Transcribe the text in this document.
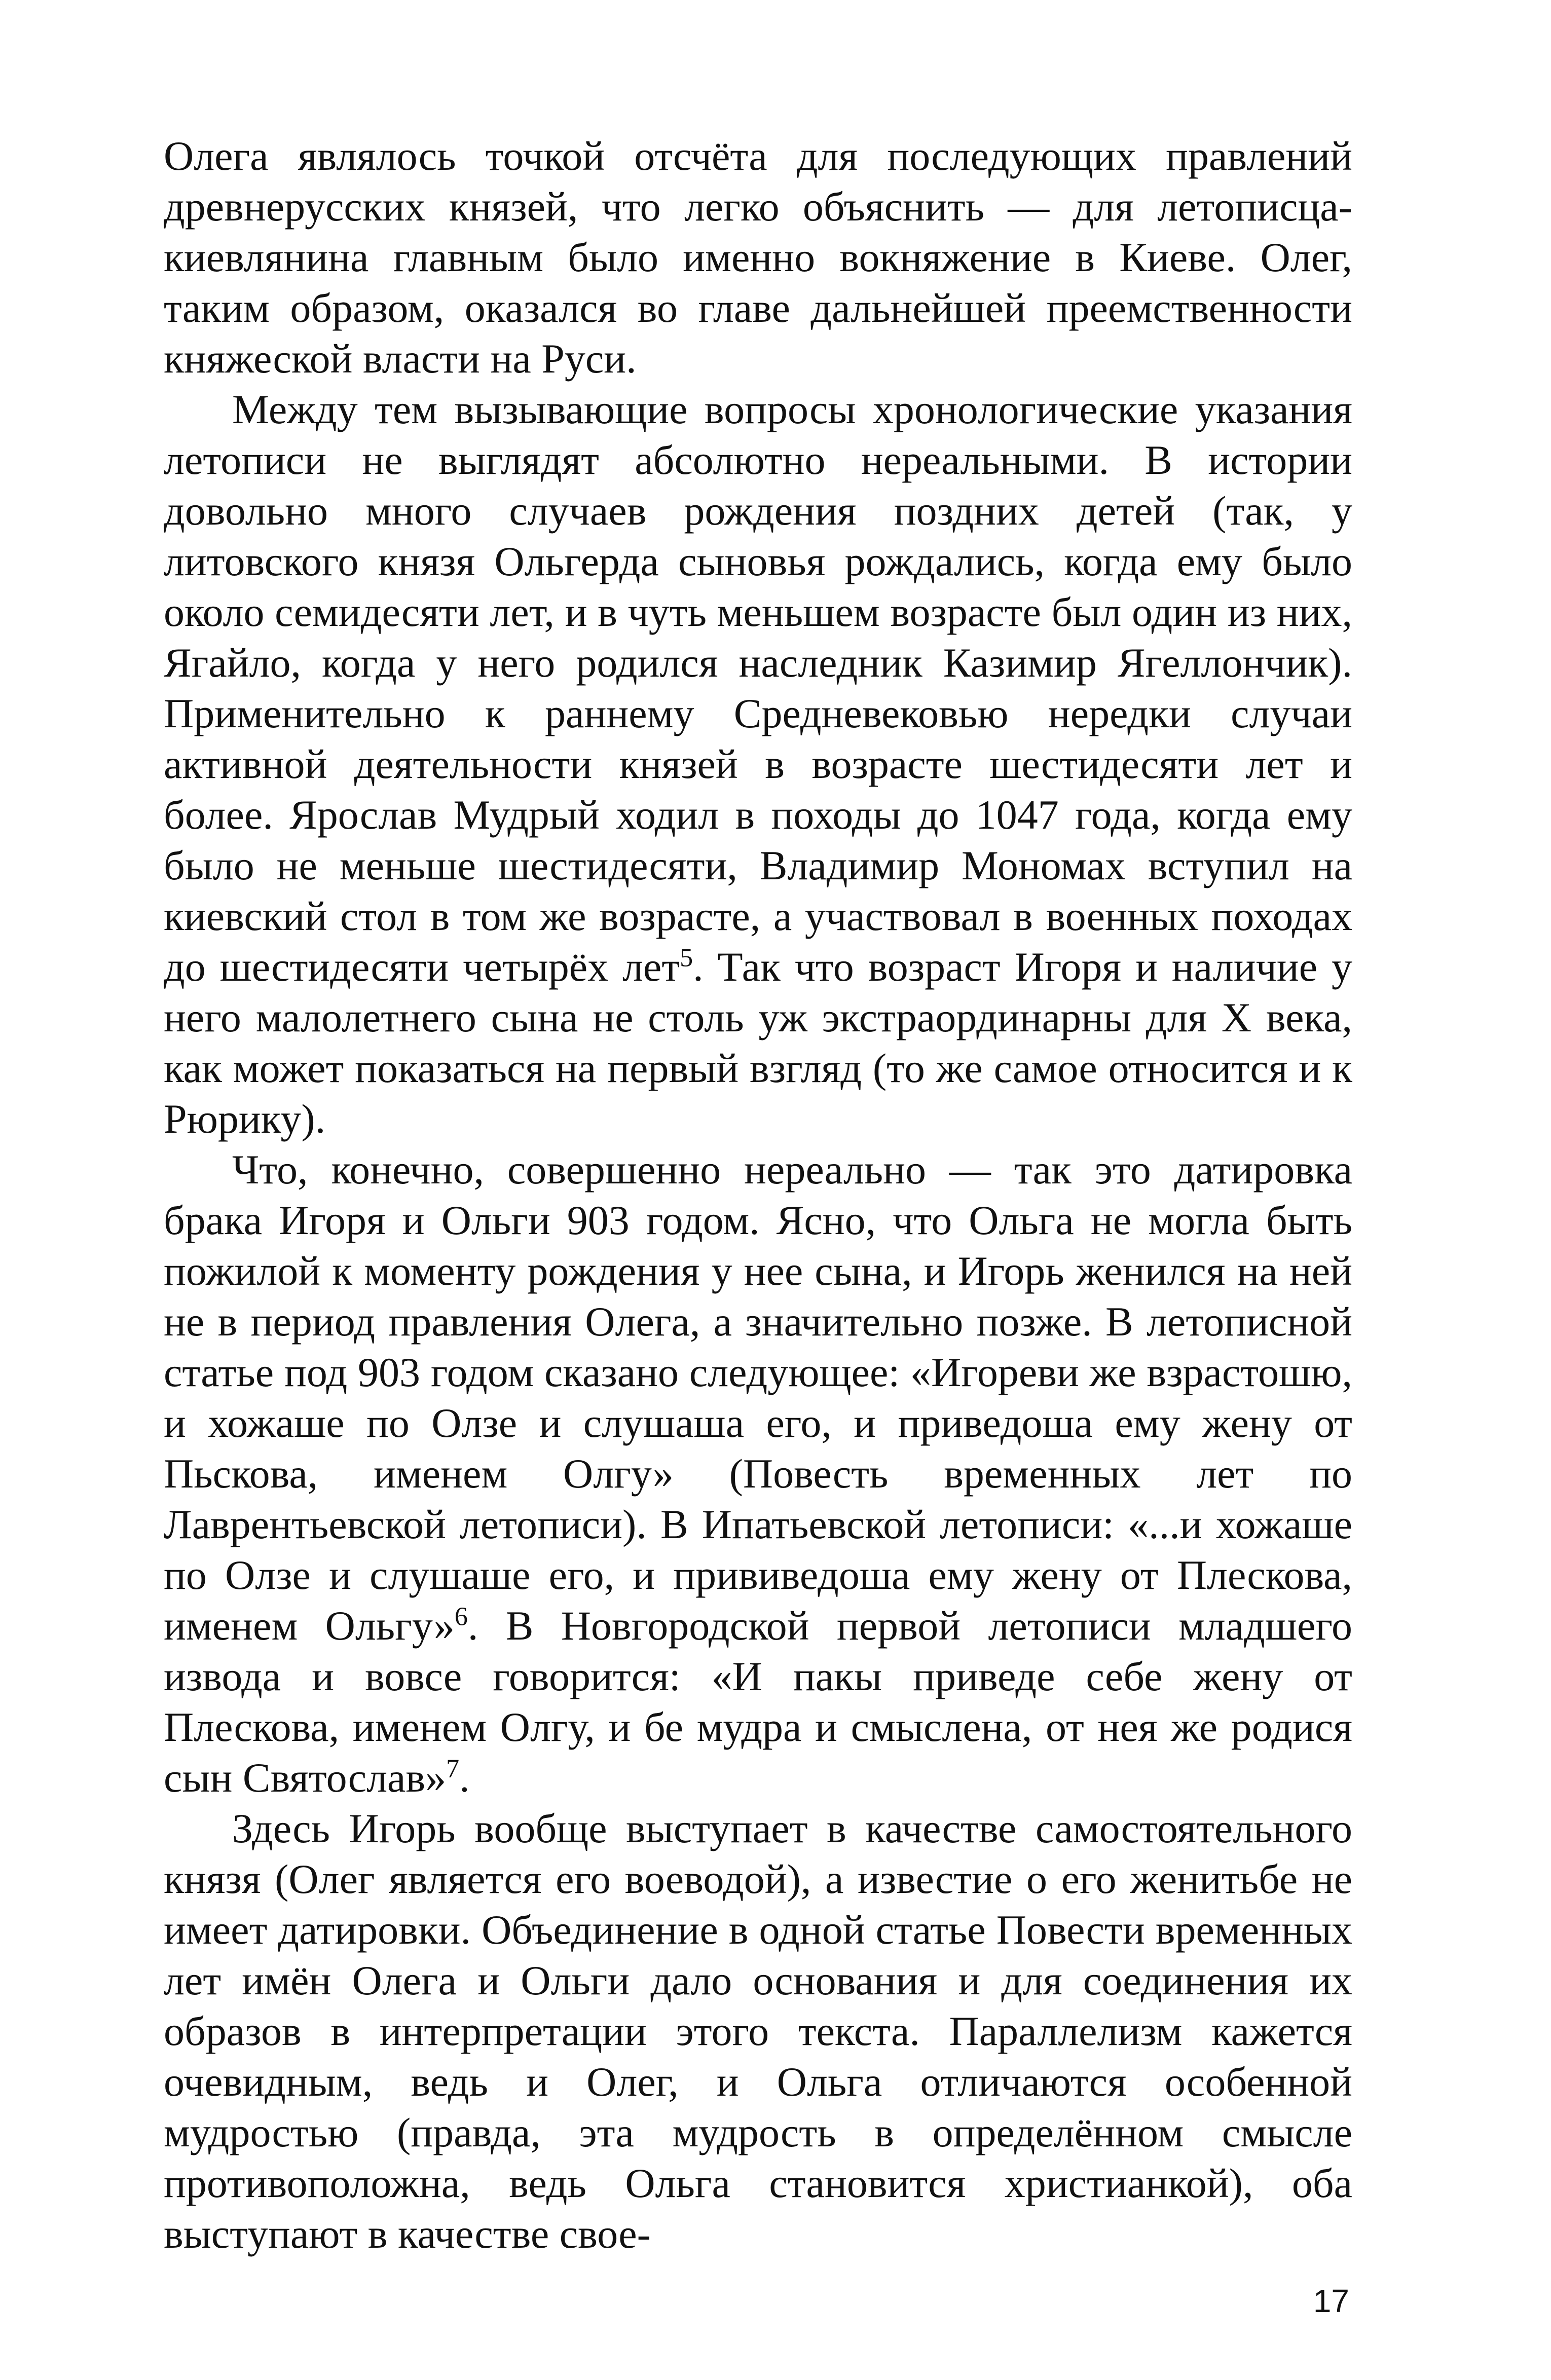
Олега являлось точкой отсчёта для последующих правлений древнерусских князей, что легко объяснить — для летописца-киевлянина главным было именно вокняжение в Киеве. Олег, таким образом, оказался во главе дальнейшей преемственности княжеской власти на Руси.

Между тем вызывающие вопросы хронологические указания летописи не выглядят абсолютно нереальными. В истории довольно много случаев рождения поздних детей (так, у литовского князя Ольгерда сыновья рождались, когда ему было около семидесяти лет, и в чуть меньшем возрасте был один из них, Ягайло, когда у него родился наследник Казимир Ягеллончик). Применительно к раннему Средневековью нередки случаи активной деятельности князей в возрасте шестидесяти лет и более. Ярослав Мудрый ходил в походы до 1047 года, когда ему было не меньше шестидесяти, Владимир Мономах вступил на киевский стол в том же возрасте, а участвовал в военных походах до шестидесяти четырёх лет$^5$. Так что возраст Игоря и наличие у него малолетнего сына не столь уж экстраординарны для X века, как может показаться на первый взгляд (то же самое относится и к Рюрику).

Что, конечно, совершенно нереально — так это датировка брака Игоря и Ольги 903 годом. Ясно, что Ольга не могла быть пожилой к моменту рождения у нее сына, и Игорь женился на ней не в период правления Олега, а значительно позже. В летописной статье под 903 годом сказано следующее: «Игореви же взрастошю, и хожаше по Олзе и слушаша его, и приведоша ему жену от Пьскова, именем Олгу» (Повесть временных лет по Лаврентьевской летописи). В Ипатьевской летописи: «...и хожаше по Олзе и слушаше его, и прививедоша ему жену от Плескова, именем Ольгу»$^6$. В Новгородской первой летописи младшего извода и вовсе говорится: «И пакы приведе себе жену от Плескова, именем Олгу, и бе мудра и смыслена, от нея же родися сын Святослав»$^7$.

Здесь Игорь вообще выступает в качестве самостоятельного князя (Олег является его воеводой), а известие о его женитьбе не имеет датировки. Объединение в одной статье Повести временных лет имён Олега и Ольги дало основания и для соединения их образов в интерпретации этого текста. Параллелизм кажется очевидным, ведь и Олег, и Ольга отличаются особенной мудростью (правда, эта мудрость в определённом смысле противоположна, ведь Ольга становится христианкой), оба выступают в качестве свое-

17
